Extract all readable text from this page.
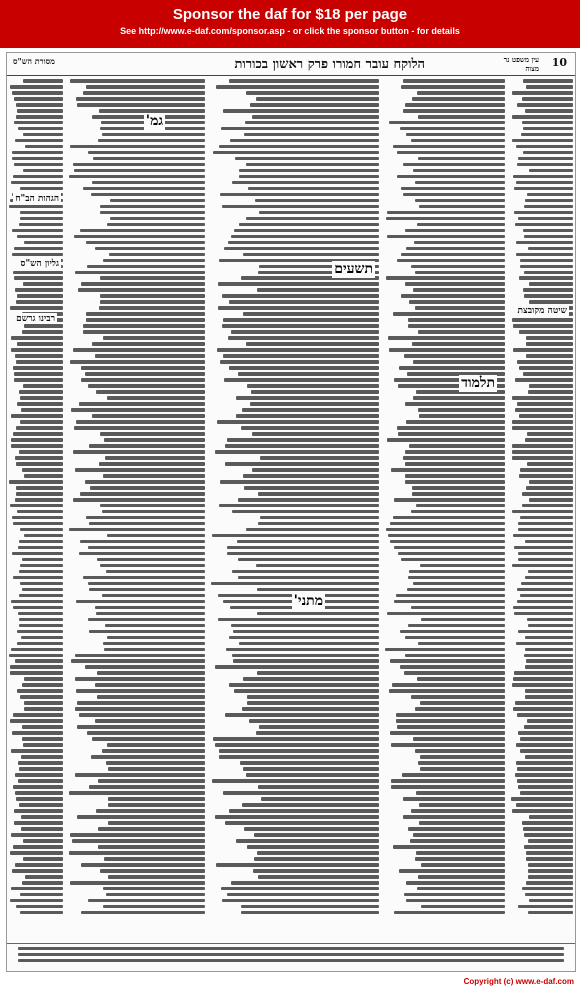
Sponsor the daf for $18 per page
See http://www.e-daf.com/sponsor.asp - or click the sponsor button - for details
10
הלוקח עובר חמורו פרק ראשון בכורות	עין משפט נר מצוה
מסורת הש"ס
גמ'
תשעים
תלמוד
מתני'
שיטה מקובצת
רבינו גרשם
גליון הש"ס
הגהות הב"ח
Copyright (c) www.e-daf.com
